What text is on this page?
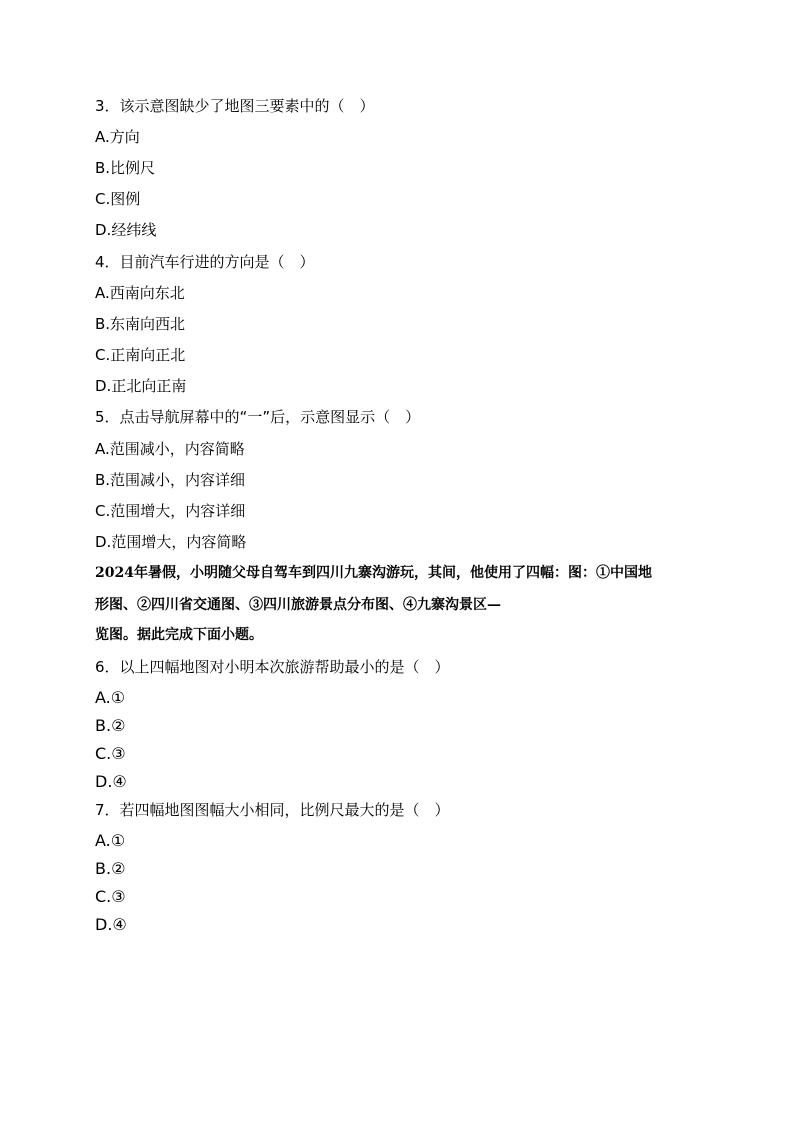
3．该示意图缺少了地图三要素中的（　）
A.方向
B.比例尺
C.图例
D.经纬线
4．目前汽车行进的方向是（　）
A.西南向东北
B.东南向西北
C.正南向正北
D.正北向正南
5．点击导航屏幕中的“一”后，示意图显示（　）
A.范围减小，内容简略
B.范围减小，内容详细
C.范围增大，内容详细
D.范围增大，内容简略
2024年暑假，小明随父母自驾车到四川九寨沟游玩，其间，他使用了四幅：图：①中国地
形图、②四川省交通图、③四川旅游景点分布图、④九寨沟景区—
览图。据此完成下面小题。
6．以上四幅地图对小明本次旅游帮助最小的是（　）
A.①
B.②
C.③
D.④
7．若四幅地图图幅大小相同，比例尺最大的是（　）
A.①
B.②
C.③
D.④
